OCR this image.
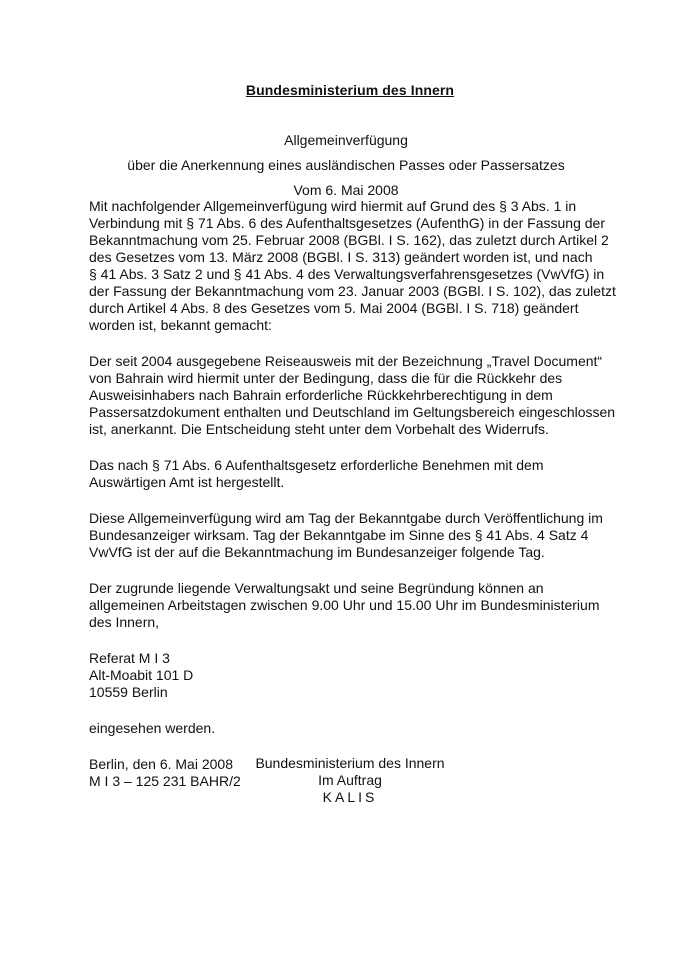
Bundesministerium des Innern
Allgemeinverfügung
über die Anerkennung eines ausländischen Passes oder Passersatzes
Vom 6. Mai 2008

Mit nachfolgender Allgemeinverfügung wird hiermit auf Grund des § 3 Abs. 1 in
Verbindung mit § 71 Abs. 6 des Aufenthaltsgesetzes (AufenthG) in der Fassung der
Bekanntmachung vom 25. Februar 2008 (BGBl. I S. 162), das zuletzt durch Artikel 2
des Gesetzes vom 13. März 2008 (BGBl. I S. 313) geändert worden ist, und nach
§ 41 Abs. 3 Satz 2 und § 41 Abs. 4 des Verwaltungsverfahrensgesetzes (VwVfG) in
der Fassung der Bekanntmachung vom 23. Januar 2003 (BGBl. I S. 102), das zuletzt
durch Artikel 4 Abs. 8 des Gesetzes vom 5. Mai 2004 (BGBl. I S. 718) geändert
worden ist, bekannt gemacht:

Der seit 2004 ausgegebene Reiseausweis mit der Bezeichnung „Travel Document“
von Bahrain wird hiermit unter der Bedingung, dass die für die Rückkehr des
Ausweisinhabers nach Bahrain erforderliche Rückkehrberechtigung in dem
Passersatzdokument enthalten und Deutschland im Geltungsbereich eingeschlossen
ist, anerkannt. Die Entscheidung steht unter dem Vorbehalt des Widerrufs.

Das nach § 71 Abs. 6 Aufenthaltsgesetz erforderliche Benehmen mit dem
Auswärtigen Amt ist hergestellt.

Diese Allgemeinverfügung wird am Tag der Bekanntgabe durch Veröffentlichung im
Bundesanzeiger wirksam. Tag der Bekanntgabe im Sinne des § 41 Abs. 4 Satz 4
VwVfG ist der auf die Bekanntmachung im Bundesanzeiger folgende Tag.

Der zugrunde liegende Verwaltungsakt und seine Begründung können an
allgemeinen Arbeitstagen zwischen 9.00 Uhr und 15.00 Uhr im Bundesministerium
des Innern,

Referat M I 3
Alt-Moabit 101 D
10559 Berlin

eingesehen werden.

Berlin, den 6. Mai 2008
M I 3 – 125 231 BAHR/2

Bundesministerium des Innern
Im Auftrag
KALIS
